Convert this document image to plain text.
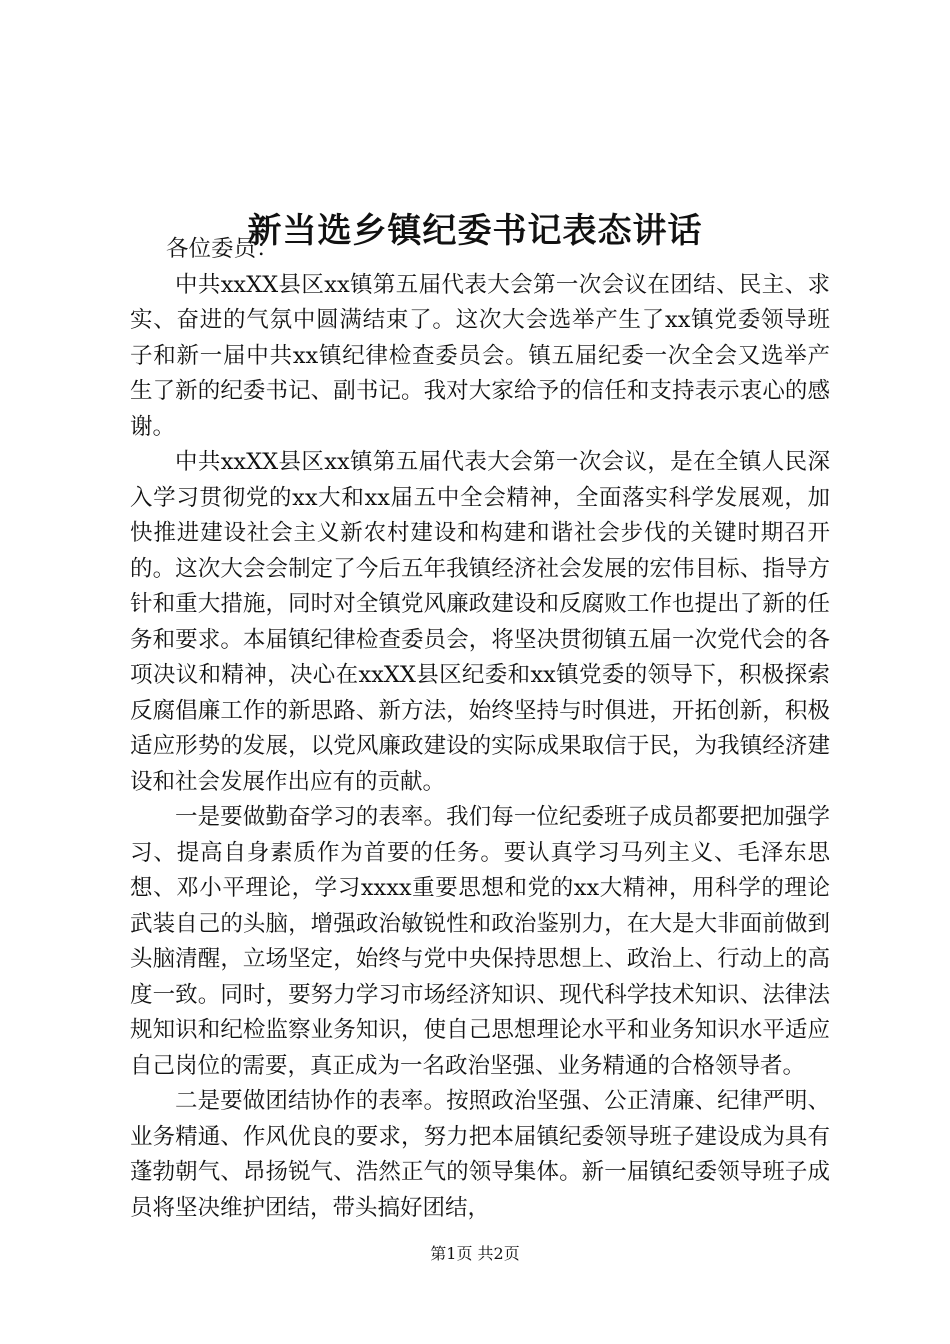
新当选乡镇纪委书记表态讲话

各位委员：

中共xxXX县区xx镇第五届代表大会第一次会议在团结、民主、求实、奋进的气氛中圆满结束了。这次大会选举产生了xx镇党委领导班子和新一届中共xx镇纪律检查委员会。镇五届纪委一次全会又选举产生了新的纪委书记、副书记。我对大家给予的信任和支持表示衷心的感谢。

中共xxXX县区xx镇第五届代表大会第一次会议，是在全镇人民深入学习贯彻党的xx大和xx届五中全会精神，全面落实科学发展观，加快推进建设社会主义新农村建设和构建和谐社会步伐的关键时期召开的。这次大会会制定了今后五年我镇经济社会发展的宏伟目标、指导方针和重大措施，同时对全镇党风廉政建设和反腐败工作也提出了新的任务和要求。本届镇纪律检查委员会，将坚决贯彻镇五届一次党代会的各项决议和精神，决心在xxXX县区纪委和xx镇党委的领导下，积极探索反腐倡廉工作的新思路、新方法，始终坚持与时俱进，开拓创新，积极适应形势的发展，以党风廉政建设的实际成果取信于民，为我镇经济建设和社会发展作出应有的贡献。

一是要做勤奋学习的表率。我们每一位纪委班子成员都要把加强学习、提高自身素质作为首要的任务。要认真学习马列主义、毛泽东思想、邓小平理论，学习xxxx重要思想和党的xx大精神，用科学的理论武装自己的头脑，增强政治敏锐性和政治鉴别力，在大是大非面前做到头脑清醒，立场坚定，始终与党中央保持思想上、政治上、行动上的高度一致。同时，要努力学习市场经济知识、现代科学技术知识、法律法规知识和纪检监察业务知识，使自己思想理论水平和业务知识水平适应自己岗位的需要，真正成为一名政治坚强、业务精通的合格领导者。

二是要做团结协作的表率。按照政治坚强、公正清廉、纪律严明、业务精通、作风优良的要求，努力把本届镇纪委领导班子建设成为具有蓬勃朝气、昂扬锐气、浩然正气的领导集体。新一届镇纪委领导班子成员将坚决维护团结，带头搞好团结，

第1页 共2页
